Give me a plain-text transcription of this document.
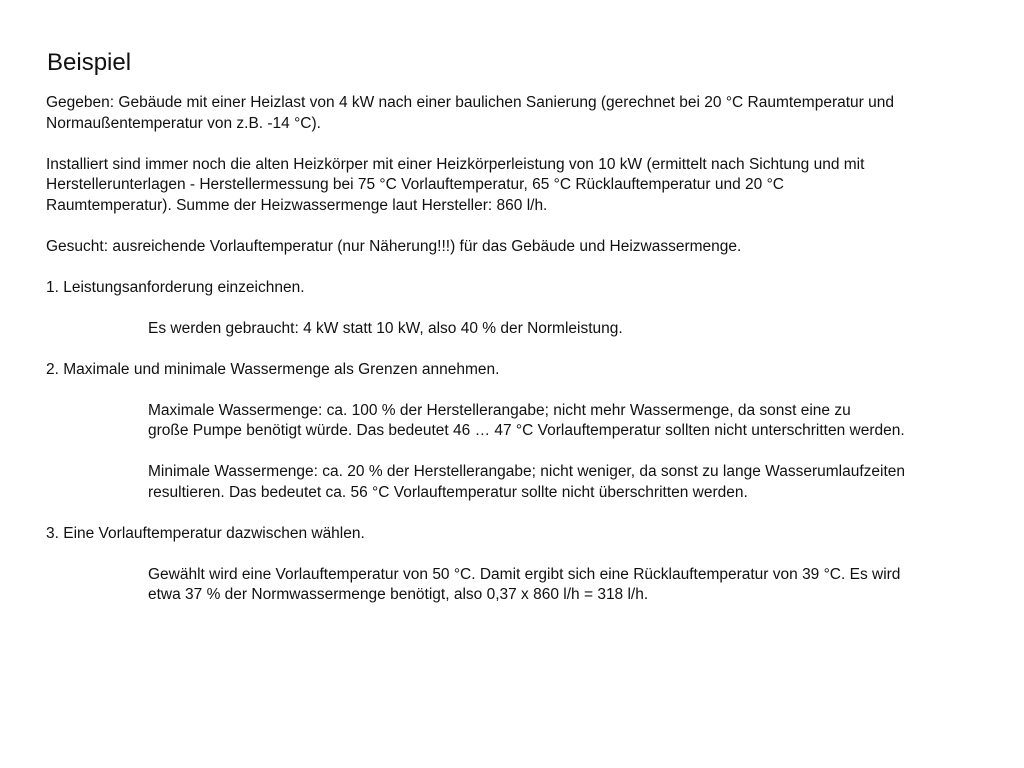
Beispiel

Gegeben: Gebäude mit einer Heizlast von 4 kW nach einer baulichen Sanierung (gerechnet bei 20 °C Raumtemperatur und
Normaußentemperatur von z.B. -14 °C).

Installiert sind immer noch die alten Heizkörper mit einer Heizkörperleistung von 10 kW (ermittelt nach Sichtung und mit
Herstellerunterlagen - Herstellermessung bei 75 °C Vorlauftemperatur, 65 °C Rücklauftemperatur und 20 °C
Raumtemperatur). Summe der Heizwassermenge laut Hersteller: 860 l/h.

Gesucht: ausreichende Vorlauftemperatur (nur Näherung!!!) für das Gebäude und Heizwassermenge.

1. Leistungsanforderung einzeichnen.

Es werden gebraucht: 4 kW statt 10 kW, also 40 % der Normleistung.

2. Maximale und minimale Wassermenge als Grenzen annehmen.

Maximale Wassermenge: ca. 100 % der Herstellerangabe; nicht mehr Wassermenge, da sonst eine zu
große Pumpe benötigt würde. Das bedeutet 46 … 47 °C Vorlauftemperatur sollten nicht unterschritten werden.

Minimale Wassermenge: ca. 20 % der Herstellerangabe; nicht weniger, da sonst zu lange Wasserumlaufzeiten
resultieren. Das bedeutet ca. 56 °C Vorlauftemperatur sollte nicht überschritten werden.

3. Eine Vorlauftemperatur dazwischen wählen.

Gewählt wird eine Vorlauftemperatur von 50 °C. Damit ergibt sich eine Rücklauftemperatur von 39 °C. Es wird
etwa 37 % der Normwassermenge benötigt, also 0,37 x 860 l/h = 318 l/h.
